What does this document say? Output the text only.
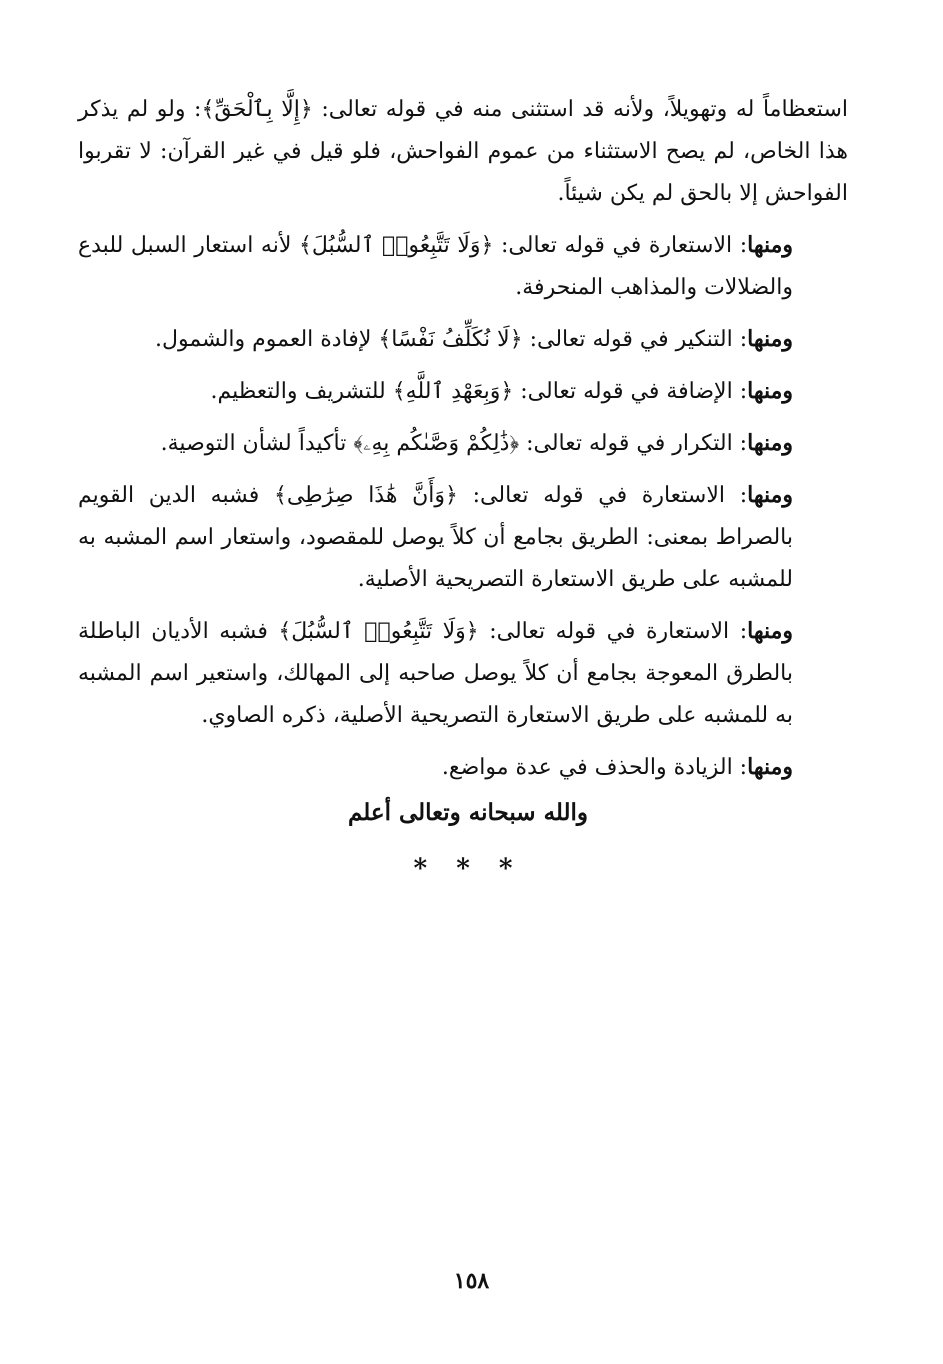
استعظاماً له وتهويلاً، ولأنه قد استثنى منه في قوله تعالى: ﴿إِلَّا بِٱلْحَقِّ﴾: ولو لم يذكر هذا الخاص، لم يصح الاستثناء من عموم الفواحش، فلو قيل في غير القرآن: لا تقربوا الفواحش إلا بالحق لم يكن شيئاً.

ومنها: الاستعارة في قوله تعالى: ﴿وَلَا تَتَّبِعُوا۟ ٱلسُّبُلَ﴾ لأنه استعار السبل للبدع والضلالات والمذاهب المنحرفة.

ومنها: التنكير في قوله تعالى: ﴿لَا نُكَلِّفُ نَفْسًا﴾ لإفادة العموم والشمول.

ومنها: الإضافة في قوله تعالى: ﴿وَبِعَهْدِ ٱللَّهِ﴾ للتشريف والتعظيم.

ومنها: التكرار في قوله تعالى: ﴿ذَٰلِكُمْ وَصَّىٰكُم بِهِۦ﴾ تأكيداً لشأن التوصية.

ومنها: الاستعارة في قوله تعالى: ﴿وَأَنَّ هَٰذَا صِرَٰطِى﴾ فشبه الدين القويم بالصراط بمعنى: الطريق بجامع أن كلاً يوصل للمقصود، واستعار اسم المشبه به للمشبه على طريق الاستعارة التصريحية الأصلية.

ومنها: الاستعارة في قوله تعالى: ﴿وَلَا تَتَّبِعُوا۟ ٱلسُّبُلَ﴾ فشبه الأديان الباطلة بالطرق المعوجة بجامع أن كلاً يوصل صاحبه إلى المهالك، واستعير اسم المشبه به للمشبه على طريق الاستعارة التصريحية الأصلية، ذكره الصاوي.

ومنها: الزيادة والحذف في عدة مواضع.

والله سبحانه وتعالى أعلم
* * *
١٥٨
